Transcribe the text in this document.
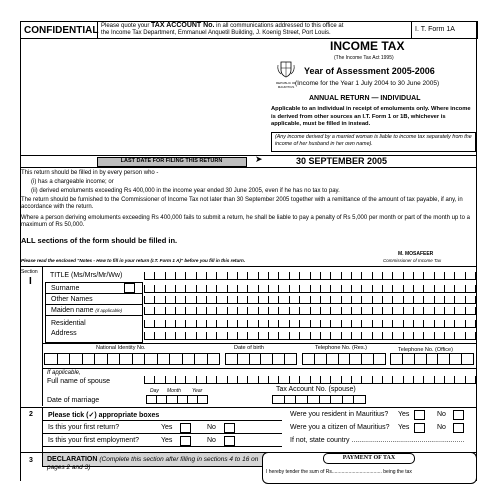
CONFIDENTIAL Please quote your TAX ACCOUNT No. in all communications addressed to this office at
the Income Tax Department, Emmanuel Anquetil Building, J. Koenig Street, Port Louis.	I. T. Form 1A
INCOME TAX
(The Income Tax Act 1995)
REPUBLIC OF MAURITIUS
Year of Assessment 2005-2006
(Income for the Year 1 July 2004 to 30 June 2005)
ANNUAL RETURN — INDIVIDUAL
Applicable to an individual in receipt of emoluments only. Where income is derived from other sources an I.T. Form 1 or 1B, whichever is applicable, must be filled in instead.
(Any income derived by a married woman is liable to income tax separately from the income of her husband in her own name).
LAST DATE FOR FILING THIS RETURN	➤	30 SEPTEMBER 2005
This return should be filled in by every person who -
(i) has a chargeable income; or
(ii) derived emoluments exceeding Rs 400,000 in the income year ended 30 June 2005, even if he has no tax to pay.
The return should be furnished to the Commissioner of Income Tax not later than 30 September 2005 together with a remittance of the amount of tax payable, if any, in accordance with the return.
Where a person deriving emoluments exceeding Rs 400,000 fails to submit a return, he shall be liable to pay a penalty of Rs 5,000 per month or part of the month up to a maximum of Rs 50,000.
ALL sections of the form should be filled in.
M. MOSAFEER
Commissioner of Income Tax
Please read the enclosed "Notes - How to fill in your return (I.T. Form 1 A)" before you fill in this return.
Section
I
TITLE (Ms/Mrs/Mr/Ww)
Surname
Other Names
Maiden name (if applicable)
Residential
Address
National Identity No.	Date of birth	Telephone No. (Res.)	Telephone No. (Office)
If applicable,
Full name of spouse
Day Month Year
Date of marriage
Tax Account No. (spouse)
2 Please tick (✓) appropriate boxes
Is this your first return?	Yes	No
Is this your first employment?	Yes	No
Were you resident in Mauritius? Yes	No
Were you a citizen of Mauritius? Yes	No
If not, state country ..........................................................
3 DECLARATION (Complete this section after filling in sections 4 to 16 on pages 2 and 3)
PAYMENT OF TAX
I hereby tender the sum of Rs.................................... being the tax
